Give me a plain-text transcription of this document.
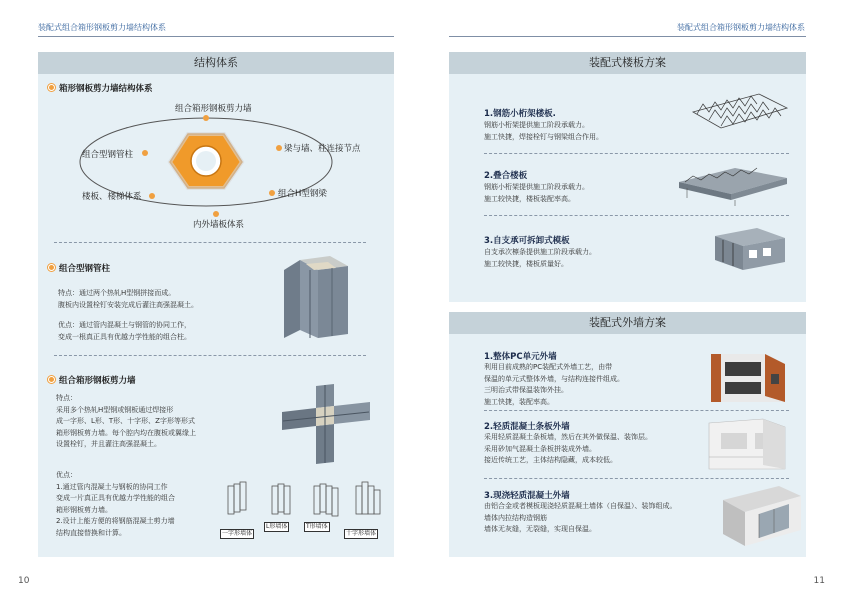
装配式组合箱形钢板剪力墙结构体系	装配式组合箱形钢板剪力墙结构体系
结构体系
箱形钢板剪力墙结构体系
组合箱形钢板剪力墙
组合型钢管柱
梁与墙、柱连接节点
楼板、楼梯体系	组合H型钢梁
内外墙板体系
组合型钢管柱
特点：通过两个热轧H型钢拼接而成。
腹板内设置栓钉安装完成后灌注高强混凝土。
优点：通过管内混凝土与钢管的协同工作，
变成一根真正具有优越力学性能的组合柱。
组合箱形钢板剪力墙
特点：
采用多个热轧H型钢或钢板通过焊接形
成一字形、L形、T形、十字形、Z字形等形式
箱形钢板剪力墙。每个腔内均在腹板或翼缘上
设置栓钉，并且灌注高强混凝土。
优点：
1.通过管内混凝土与钢板的协同工作
变成一片真正具有优越力学性能的组合
箱形钢板剪力墙。
2.设计上能方便的将钢筋混凝土剪力墙
结构直接替换和计算。	一字形墙体
L形墙体	T形墙体
十字形墙体
装配式楼板方案
1.钢筋小桁架楼板.
钢筋小桁架提供施工阶段承载力。
施工快捷，焊接栓钉与钢梁组合作用。
2.叠合楼板
钢筋小桁架提供施工阶段承载力。
施工较快捷，楼板装配率高。
3.自支承可拆卸式模板
自支承次檩条提供施工阶段承载力。
施工较快捷，楼板质量好。
装配式外墙方案
1.整体PC单元外墙
利用目前成熟的PC装配式外墙工艺，由带
保温的单元式整体外墙，与结构连接件组成。
三明治式带保温装饰外挂。
施工快捷，装配率高。
2.轻质混凝土条板外墙
采用轻质混凝土条板墙，然后在其外做保温、装饰层。
采用砂加气混凝土条板拼装成外墙。
接近传统工艺，主体结构隐藏，成本较低。
3.现浇轻质混凝土外墙
由铝合金或者模板现浇轻质混凝土墙体（自保温）、装饰组成。
墙体内拉结构造钢筋
墙体无灰缝，无裂缝，实现自保温。
10	11
